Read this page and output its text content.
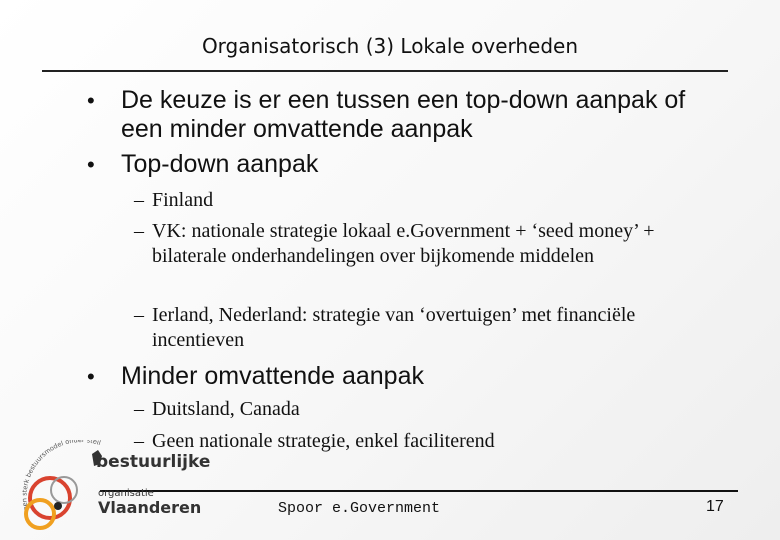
Organisatorisch (3) Lokale overheden
• De keuze is er een tussen een top-down aanpak of een minder omvattende aanpak
• Top-down aanpak
– Finland
– VK: nationale strategie lokaal e.Government + ‘seed money’ + bilaterale onderhandelingen over bijkomende middelen
– Ierland, Nederland: strategie van ‘overtuigen’ met financiële incentieven
• Minder omvattende aanpak
– Duitsland, Canada
– Geen nationale strategie, enkel faciliterend
Spoor e.Government	17
een sterk bestuursmodel onder steil
bestuurlijke
organisatie
Vlaanderen
